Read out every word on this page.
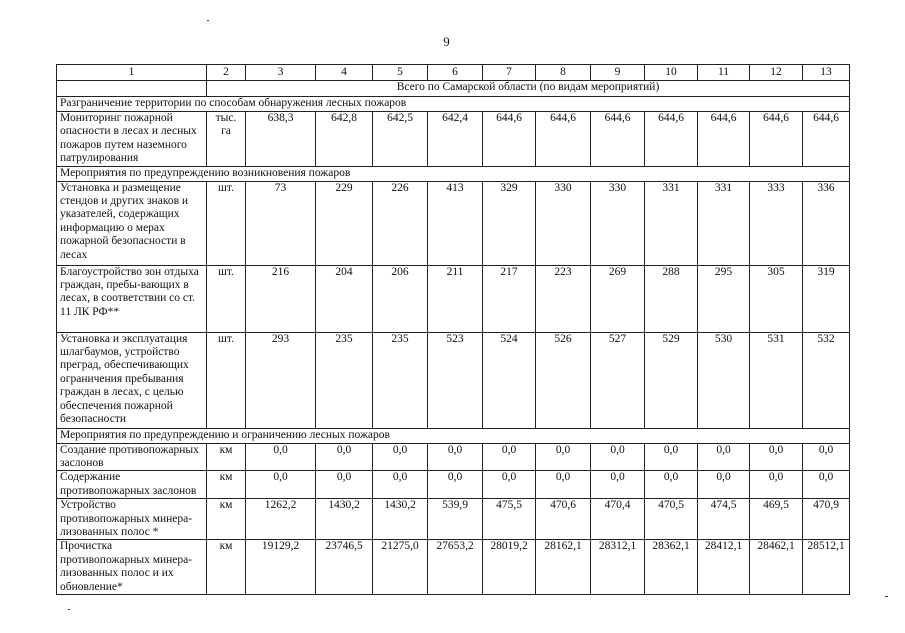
9
1	2	3	4	5	6	7	8	9	10	11	12	13
	Всего по Самарской области (по видам мероприятий)											
Разграничение территории по способам обнаружения лесных пожаров												
Мониторинг пожарной опасности в лесах и лесных пожаров путем наземного патрулирования	тыс. га	638,3	642,8	642,5	642,4	644,6	644,6	644,6	644,6	644,6	644,6	644,6
Мероприятия по предупреждению возникновения пожаров												
Установка и размещение стендов и других знаков и указателей, содержащих информацию о мерах пожарной безопасности в лесах	шт.	73	229	226	413	329	330	330	331	331	333	336
Благоустройство зон отдыха граждан, пребы-вающих в лесах, в соответствии со ст. 11 ЛК РФ**	шт.	216	204	206	211	217	223	269	288	295	305	319
Установка и эксплуатация шлагбаумов, устройство преград, обеспечивающих ограничения пребывания граждан в лесах, с целью обеспечения пожарной безопасности	шт.	293	235	235	523	524	526	527	529	530	531	532
Мероприятия по предупреждению и ограничению лесных пожаров												
Создание противопожарных заслонов	км	0,0	0,0	0,0	0,0	0,0	0,0	0,0	0,0	0,0	0,0	0,0
Содержание противопожарных заслонов	км	0,0	0,0	0,0	0,0	0,0	0,0	0,0	0,0	0,0	0,0	0,0
Устройство противопожарных минера-лизованных полос *	км	1262,2	1430,2	1430,2	539,9	475,5	470,6	470,4	470,5	474,5	469,5	470,9
Прочистка противопожарных минера-лизованных полос и их обновление*	км	19129,2	23746,5	21275,0	27653,2	28019,2	28162,1	28312,1	28362,1	28412,1	28462,1	28512,1
